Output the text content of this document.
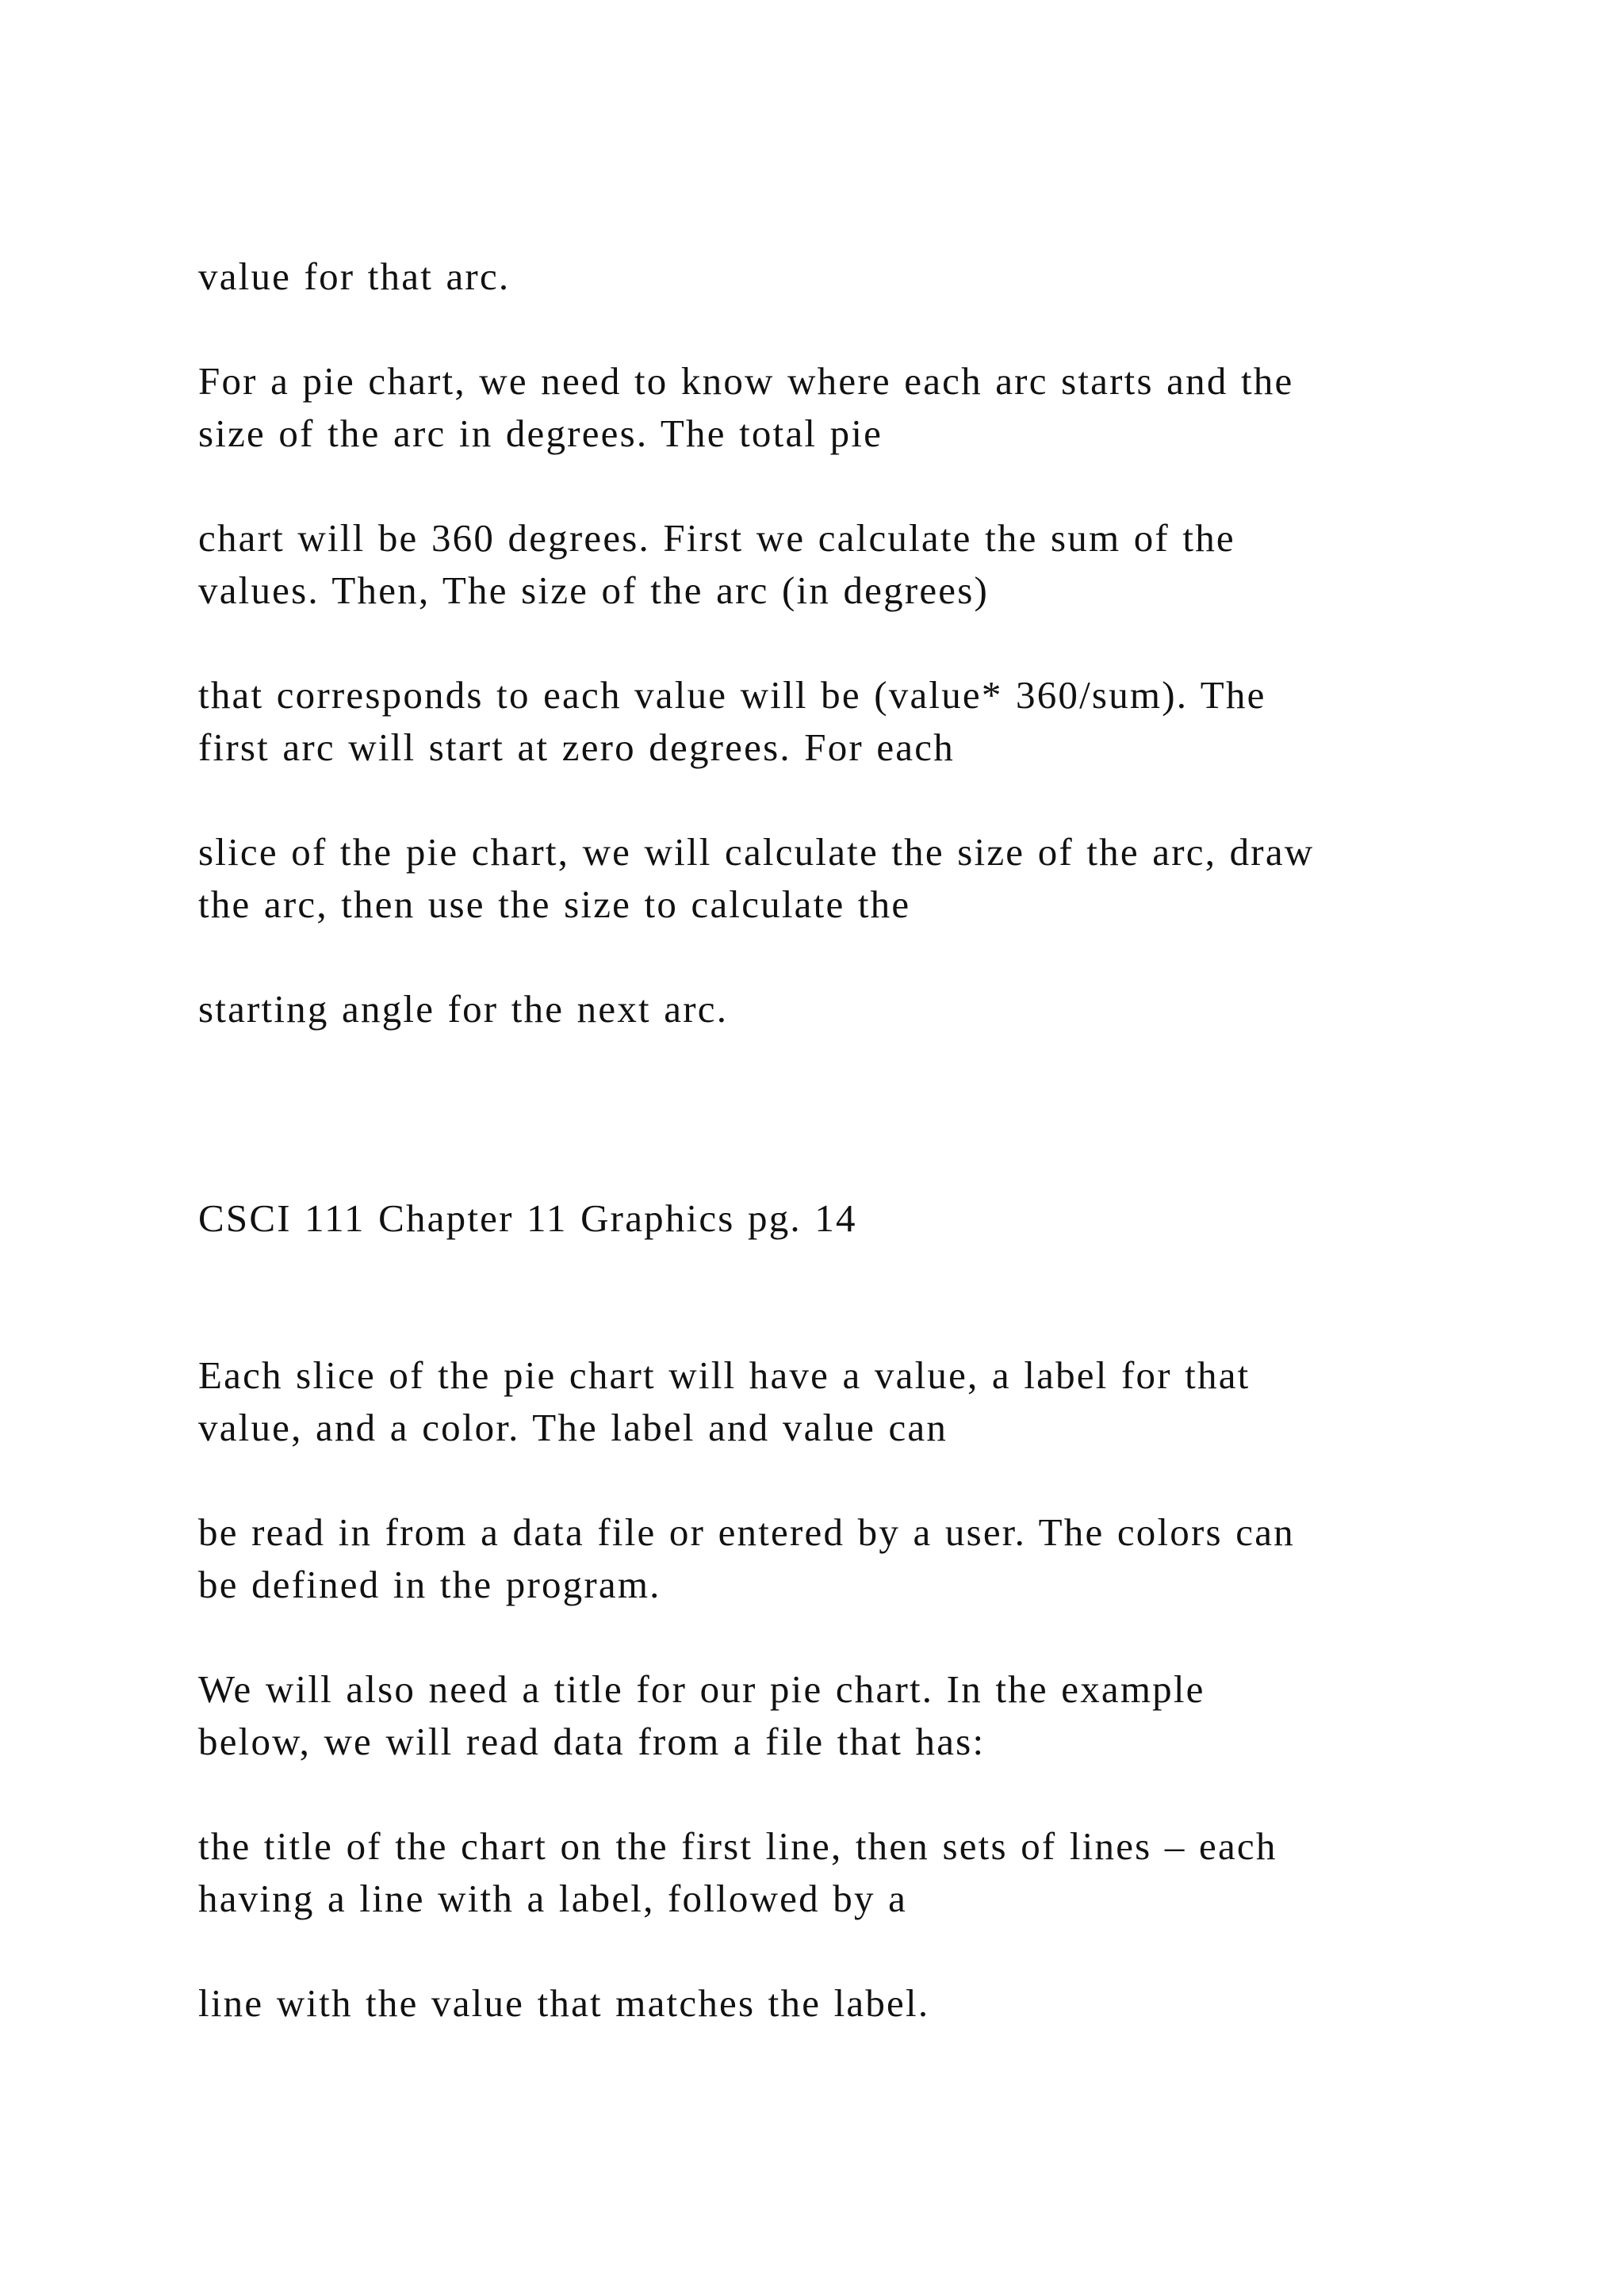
value for that arc.
For a pie chart, we need to know where each arc starts and the
size of the arc in degrees. The total pie
chart will be 360 degrees. First we calculate the sum of the
values. Then, The size of the arc (in degrees)
that corresponds to each value will be (value* 360/sum). The
first arc will start at zero degrees. For each
slice of the pie chart, we will calculate the size of the arc, draw
the arc, then use the size to calculate the
starting angle for the next arc.
CSCI 111 Chapter 11 Graphics pg. 14
Each slice of the pie chart will have a value, a label for that
value, and a color. The label and value can
be read in from a data file or entered by a user. The colors can
be defined in the program.
We will also need a title for our pie chart. In the example
below, we will read data from a file that has:
the title of the chart on the first line, then sets of lines – each
having a line with a label, followed by a
line with the value that matches the label.
